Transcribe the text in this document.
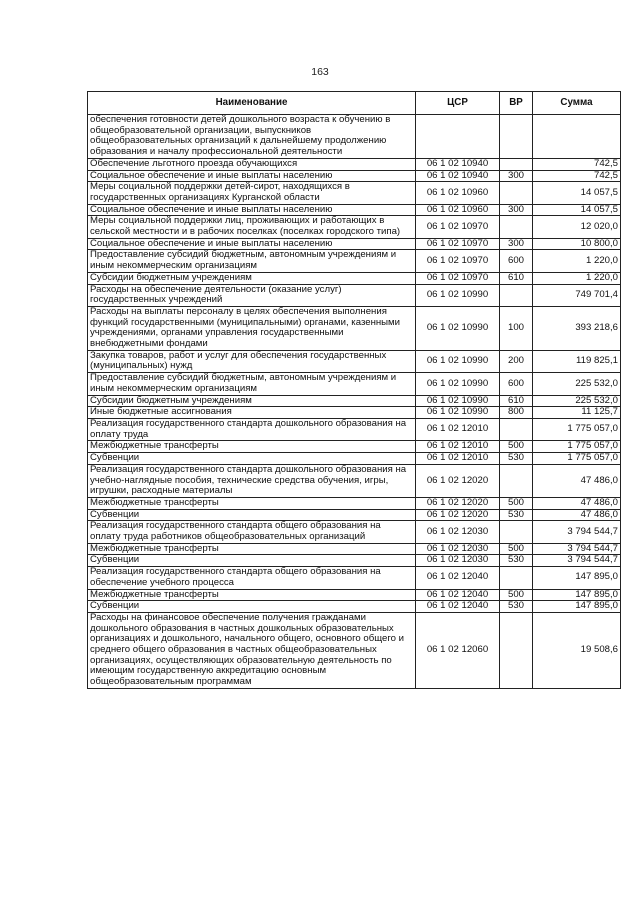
163
Наименование	ЦСР	ВР	Сумма
обеспечения готовности детей дошкольного возраста к обучению в общеобразовательной организации, выпускников общеобразовательных организаций к дальнейшему продолжению образования и началу профессиональной деятельности			
Обеспечение льготного проезда обучающихся	06 1 02 10940		742,5
Социальное обеспечение и иные выплаты населению	06 1 02 10940	300	742,5
Меры социальной поддержки детей-сирот, находящихся в государственных организациях Курганской области	06 1 02 10960		14 057,5
Социальное обеспечение и иные выплаты населению	06 1 02 10960	300	14 057,5
Меры социальной поддержки лиц, проживающих и работающих в сельской местности и в рабочих поселках (поселках городского типа)	06 1 02 10970		12 020,0
Социальное обеспечение и иные выплаты населению	06 1 02 10970	300	10 800,0
Предоставление субсидий бюджетным, автономным учреждениям и иным некоммерческим организациям	06 1 02 10970	600	1 220,0
Субсидии бюджетным учреждениям	06 1 02 10970	610	1 220,0
Расходы на обеспечение деятельности (оказание услуг) государственных учреждений	06 1 02 10990		749 701,4
Расходы на выплаты персоналу в целях обеспечения выполнения функций государственными (муниципальными) органами, казенными учреждениями, органами управления государственными внебюджетными фондами	06 1 02 10990	100	393 218,6
Закупка товаров, работ и услуг для обеспечения государственных (муниципальных) нужд	06 1 02 10990	200	119 825,1
Предоставление субсидий бюджетным, автономным учреждениям и иным некоммерческим организациям	06 1 02 10990	600	225 532,0
Субсидии бюджетным учреждениям	06 1 02 10990	610	225 532,0
Иные бюджетные ассигнования	06 1 02 10990	800	11 125,7
Реализация государственного стандарта дошкольного образования на оплату труда	06 1 02 12010		1 775 057,0
Межбюджетные трансферты	06 1 02 12010	500	1 775 057,0
Субвенции	06 1 02 12010	530	1 775 057,0
Реализация государственного стандарта дошкольного образования на учебно-наглядные пособия, технические средства обучения, игры, игрушки, расходные материалы	06 1 02 12020		47 486,0
Межбюджетные трансферты	06 1 02 12020	500	47 486,0
Субвенции	06 1 02 12020	530	47 486,0
Реализация государственного стандарта общего образования на оплату труда работников общеобразовательных организаций	06 1 02 12030		3 794 544,7
Межбюджетные трансферты	06 1 02 12030	500	3 794 544,7
Субвенции	06 1 02 12030	530	3 794 544,7
Реализация государственного стандарта общего образования на обеспечение учебного процесса	06 1 02 12040		147 895,0
Межбюджетные трансферты	06 1 02 12040	500	147 895,0
Субвенции	06 1 02 12040	530	147 895,0
Расходы на финансовое обеспечение получения гражданами дошкольного образования в частных дошкольных образовательных организациях и дошкольного, начального общего, основного общего и среднего общего образования в частных общеобразовательных организациях, осуществляющих образовательную деятельность по имеющим государственную аккредитацию основным общеобразовательным программам	06 1 02 12060		19 508,6
